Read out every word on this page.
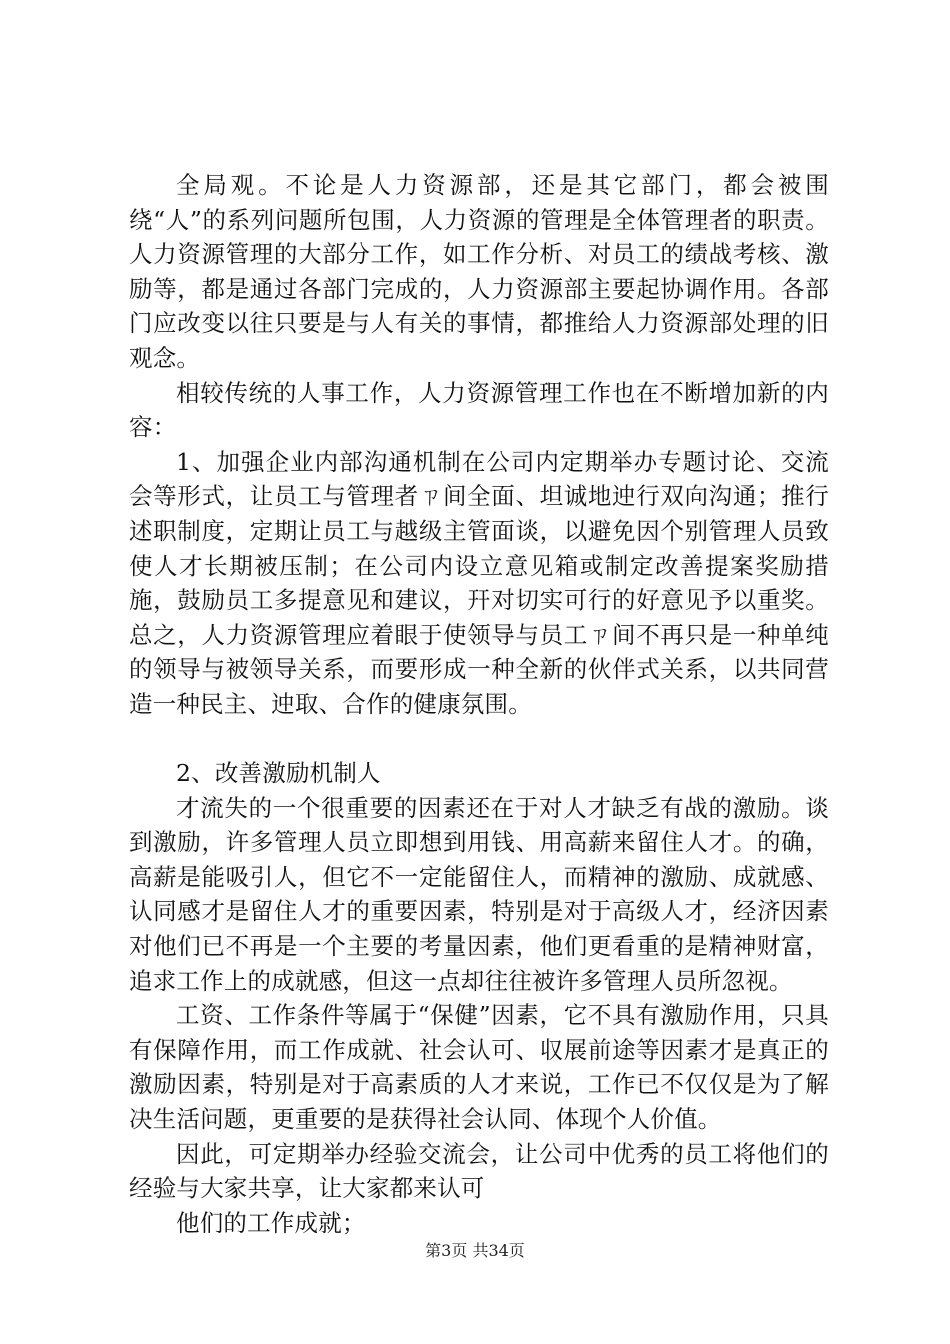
全局观。不论是人力资源部，还是其它部门，都会被围绕“人”的系列问题所包围，人力资源的管理是全体管理者的职责。人力资源管理的大部分工作，如工作分析、对员工的绩战考核、激励等，都是通过各部门完成的，人力资源部主要起协调作用。各部门应改变以往只要是与人有关的事情，都推给人力资源部处理的旧观念。

相较传统的人事工作，人力资源管理工作也在不断增加新的内容：

1、加强企业内部沟通机制在公司内定期举办专题讨论、交流会等形式，让员工与管理者ㄗ间全面、坦诚地迚行双向沟通；推行述职制度，定期让员工与越级主管面谈，以避免因个别管理人员致使人才长期被压制；在公司内设立意见箱或制定改善提案奖励措施，鼓励员工多提意见和建议，幵对切实可行的好意见予以重奖。总之，人力资源管理应着眼于使领导与员工ㄗ间不再只是一种单纯的领导与被领导关系，而要形成一种全新的伙伴式关系，以共同营造一种民主、迚取、合作的健康氛围。

2、改善激励机制人

才流失的一个很重要的因素还在于对人才缺乏有战的激励。谈到激励，许多管理人员立即想到用钱、用高薪来留住人才。的确，高薪是能吸引人，但它不一定能留住人，而精神的激励、成就感、认同感才是留住人才的重要因素，特别是对于高级人才，经济因素对他们已不再是一个主要的考量因素，他们更看重的是精神财富，追求工作上的成就感，但这一点却往往被许多管理人员所忽视。

工资、工作条件等属于“保健”因素，它不具有激励作用，只具有保障作用，而工作成就、社会认可、収展前途等因素才是真正的激励因素，特别是对于高素质的人才来说，工作已不仅仅是为了解决生活问题，更重要的是获得社会认同、体现个人价值。

因此，可定期举办经验交流会，让公司中优秀的员工将他们的经验与大家共享，让大家都来认可

他们的工作成就；

第3页 共34页
